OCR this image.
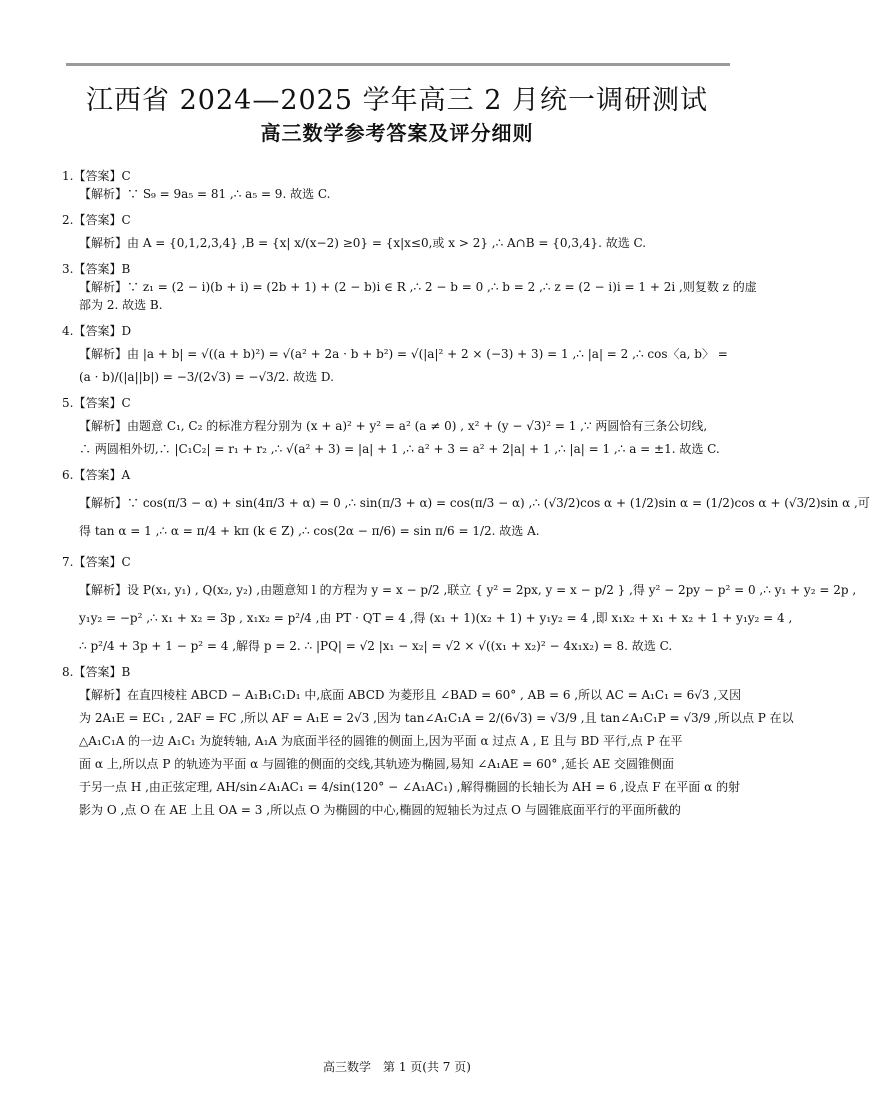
江西省 2024—2025 学年高三 2 月统一调研测试
高三数学参考答案及评分细则
1.【答案】C
【解析】∵ S₉ = 9a₅ = 81 ,∴ a₅ = 9. 故选 C.
2.【答案】C
【解析】由 A = {0,1,2,3,4} ,B = {x| x/(x−2) ≥0} = {x|x≤0,或 x > 2} ,∴ A∩B = {0,3,4}. 故选 C.
3.【答案】B
【解析】∵ z₁ = (2 − i)(b + i) = (2b + 1) + (2 − b)i ∈ R ,∴ 2 − b = 0 ,∴ b = 2 ,∴ z = (2 − i)i = 1 + 2i ,则复数 z 的虚
部为 2. 故选 B.
4.【答案】D
【解析】由 |a + b| = √((a + b)²) = √(a² + 2a · b + b²) = √(|a|² + 2 × (−3) + 3) = 1 ,∴ |a| = 2 ,∴ cos〈a, b〉 =
(a · b)/(|a||b|) = −3/(2√3) = −√3/2. 故选 D.
5.【答案】C
【解析】由题意 C₁, C₂ 的标准方程分别为 (x + a)² + y² = a² (a ≠ 0) , x² + (y − √3)² = 1 ,∵ 两圆恰有三条公切线,
∴ 两圆相外切,∴ |C₁C₂| = r₁ + r₂ ,∴ √(a² + 3) = |a| + 1 ,∴ a² + 3 = a² + 2|a| + 1 ,∴ |a| = 1 ,∴ a = ±1. 故选 C.
6.【答案】A
【解析】∵ cos(π/3 − α) + sin(4π/3 + α) = 0 ,∴ sin(π/3 + α) = cos(π/3 − α) ,∴ (√3/2)cos α + (1/2)sin α = (1/2)cos α + (√3/2)sin α ,可
得 tan α = 1 ,∴ α = π/4 + kπ (k ∈ Z) ,∴ cos(2α − π/6) = sin π/6 = 1/2. 故选 A.
7.【答案】C
【解析】设 P(x₁, y₁) , Q(x₂, y₂) ,由题意知 l 的方程为 y = x − p/2 ,联立 { y² = 2px, y = x − p/2 } ,得 y² − 2py − p² = 0 ,∴ y₁ + y₂ = 2p ,
y₁y₂ = −p² ,∴ x₁ + x₂ = 3p , x₁x₂ = p²/4 ,由 PT · QT = 4 ,得 (x₁ + 1)(x₂ + 1) + y₁y₂ = 4 ,即 x₁x₂ + x₁ + x₂ + 1 + y₁y₂ = 4 ,
∴ p²/4 + 3p + 1 − p² = 4 ,解得 p = 2. ∴ |PQ| = √2 |x₁ − x₂| = √2 × √((x₁ + x₂)² − 4x₁x₂) = 8. 故选 C.
8.【答案】B
【解析】在直四棱柱 ABCD − A₁B₁C₁D₁ 中,底面 ABCD 为菱形且 ∠BAD = 60° , AB = 6 ,所以 AC = A₁C₁ = 6√3 ,又因
为 2A₁E = EC₁ , 2AF = FC ,所以 AF = A₁E = 2√3 ,因为 tan∠A₁C₁A = 2/(6√3) = √3/9 ,且 tan∠A₁C₁P = √3/9 ,所以点 P 在以
△A₁C₁A 的一边 A₁C₁ 为旋转轴, A₁A 为底面半径的圆锥的侧面上,因为平面 α 过点 A , E 且与 BD 平行,点 P 在平
面 α 上,所以点 P 的轨迹为平面 α 与圆锥的侧面的交线,其轨迹为椭圆,易知 ∠A₁AE = 60° ,延长 AE 交圆锥侧面
于另一点 H ,由正弦定理, AH/sin∠A₁AC₁ = 4/sin(120° − ∠A₁AC₁) ,解得椭圆的长轴长为 AH = 6 ,设点 F 在平面 α 的射
影为 O ,点 O 在 AE 上且 OA = 3 ,所以点 O 为椭圆的中心,椭圆的短轴长为过点 O 与圆锥底面平行的平面所截的
高三数学　第 1 页(共 7 页)
